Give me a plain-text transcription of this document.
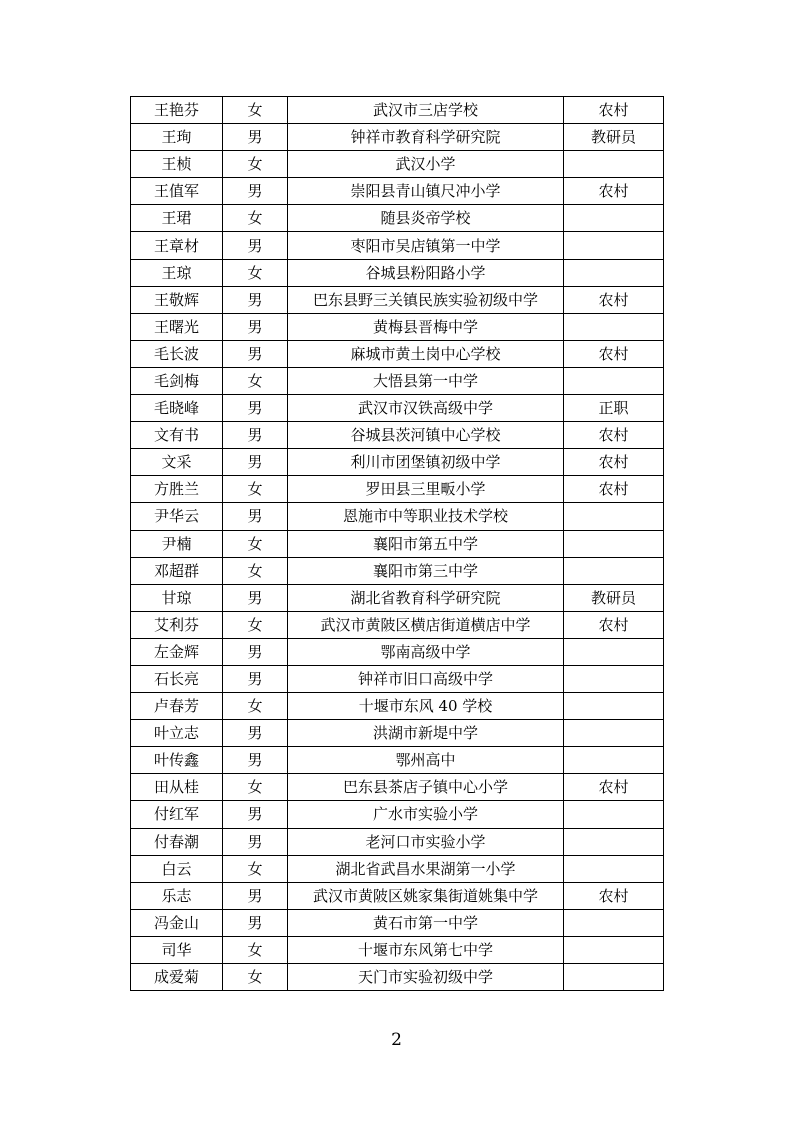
王艳芬	女	武汉市三店学校	农村
王珣	男	钟祥市教育科学研究院	教研员
王桢	女	武汉小学	
王值军	男	崇阳县青山镇尺冲小学	农村
王珺	女	随县炎帝学校	
王章材	男	枣阳市吴店镇第一中学	
王琼	女	谷城县粉阳路小学	
王敬辉	男	巴东县野三关镇民族实验初级中学	农村
王曙光	男	黄梅县晋梅中学	
毛长波	男	麻城市黄土岗中心学校	农村
毛剑梅	女	大悟县第一中学	
毛晓峰	男	武汉市汉铁高级中学	正职
文有书	男	谷城县茨河镇中心学校	农村
文采	男	利川市团堡镇初级中学	农村
方胜兰	女	罗田县三里畈小学	农村
尹华云	男	恩施市中等职业技术学校	
尹楠	女	襄阳市第五中学	
邓超群	女	襄阳市第三中学	
甘琼	男	湖北省教育科学研究院	教研员
艾利芬	女	武汉市黄陂区横店街道横店中学	农村
左金辉	男	鄂南高级中学	
石长亮	男	钟祥市旧口高级中学	
卢春芳	女	十堰市东风 40 学校	
叶立志	男	洪湖市新堤中学	
叶传鑫	男	鄂州高中	
田从桂	女	巴东县茶店子镇中心小学	农村
付红军	男	广水市实验小学	
付春潮	男	老河口市实验小学	
白云	女	湖北省武昌水果湖第一小学	
乐志	男	武汉市黄陂区姚家集街道姚集中学	农村
冯金山	男	黄石市第一中学	
司华	女	十堰市东风第七中学	
成爱菊	女	天门市实验初级中学	
2
